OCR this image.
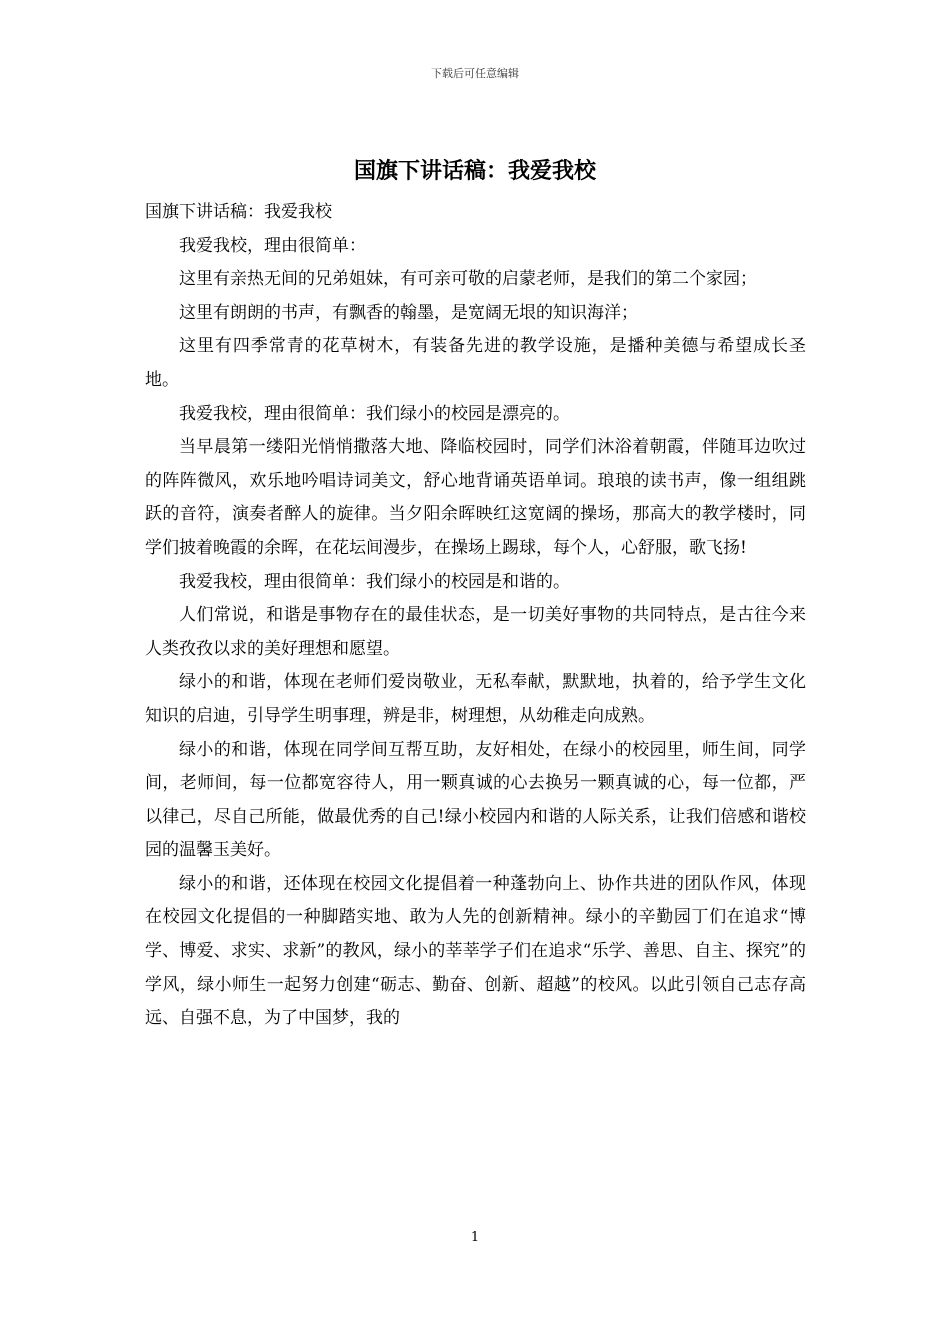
下载后可任意编辑
国旗下讲话稿：我爱我校

国旗下讲话稿：我爱我校

我爱我校，理由很简单：

这里有亲热无间的兄弟姐妹，有可亲可敬的启蒙老师，是我们的第二个家园；

这里有朗朗的书声，有飘香的翰墨，是宽阔无垠的知识海洋；

这里有四季常青的花草树木，有装备先进的教学设施，是播种美德与希望成长圣地。

我爱我校，理由很简单：我们绿小的校园是漂亮的。

当早晨第一缕阳光悄悄撒落大地、降临校园时，同学们沐浴着朝霞，伴随耳边吹过的阵阵微风，欢乐地吟唱诗词美文，舒心地背诵英语单词。琅琅的读书声，像一组组跳跃的音符，演奏者醉人的旋律。当夕阳余晖映红这宽阔的操场，那高大的教学楼时，同学们披着晚霞的余晖，在花坛间漫步，在操场上踢球，每个人，心舒服，歌飞扬!

我爱我校，理由很简单：我们绿小的校园是和谐的。

人们常说，和谐是事物存在的最佳状态，是一切美好事物的共同特点，是古往今来人类孜孜以求的美好理想和愿望。

绿小的和谐，体现在老师们爱岗敬业，无私奉献，默默地，执着的，给予学生文化知识的启迪，引导学生明事理，辨是非，树理想，从幼稚走向成熟。

绿小的和谐，体现在同学间互帮互助，友好相处，在绿小的校园里，师生间，同学间，老师间，每一位都宽容待人，用一颗真诚的心去换另一颗真诚的心，每一位都，严以律己，尽自己所能，做最优秀的自己!绿小校园内和谐的人际关系，让我们倍感和谐校园的温馨玉美好。

绿小的和谐，还体现在校园文化提倡着一种蓬勃向上、协作共进的团队作风，体现在校园文化提倡的一种脚踏实地、敢为人先的创新精神。绿小的辛勤园丁们在追求“博学、博爱、求实、求新”的教风，绿小的莘莘学子们在追求“乐学、善思、自主、探究”的学风，绿小师生一起努力创建“砺志、勤奋、创新、超越”的校风。以此引领自己志存高远、自强不息，为了中国梦，我的

1
